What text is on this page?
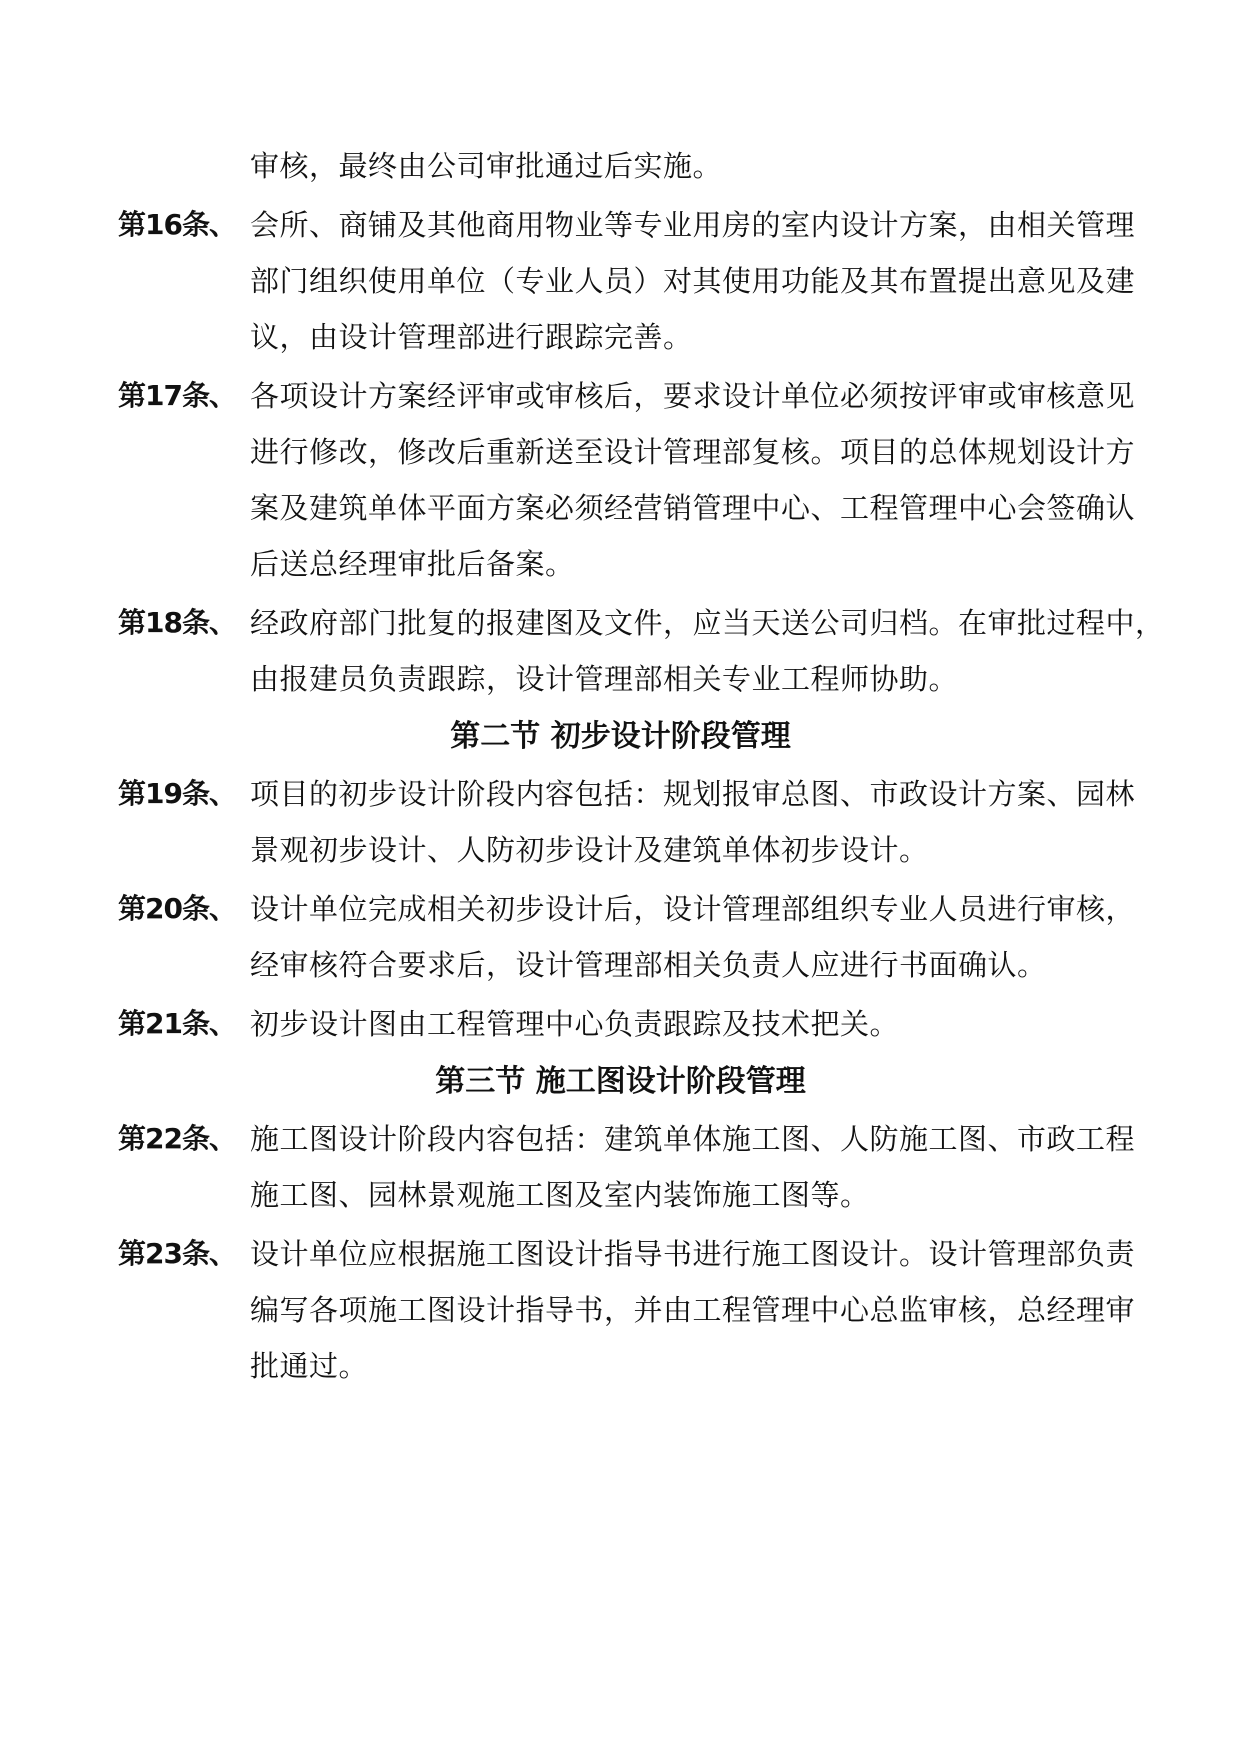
审核，最终由公司审批通过后实施。
第16条、 会所、商铺及其他商用物业等专业用房的室内设计方案，由相关管理
部门组织使用单位（专业人员）对其使用功能及其布置提出意见及建
议，由设计管理部进行跟踪完善。
第17条、 各项设计方案经评审或审核后，要求设计单位必须按评审或审核意见
进行修改，修改后重新送至设计管理部复核。项目的总体规划设计方
案及建筑单体平面方案必须经营销管理中心、工程管理中心会签确认
后送总经理审批后备案。
第18条、 经政府部门批复的报建图及文件，应当天送公司归档。在审批过程中，
由报建员负责跟踪，设计管理部相关专业工程师协助。
第二节 初步设计阶段管理
第19条、 项目的初步设计阶段内容包括：规划报审总图、市政设计方案、园林
景观初步设计、人防初步设计及建筑单体初步设计。
第20条、 设计单位完成相关初步设计后，设计管理部组织专业人员进行审核，
经审核符合要求后，设计管理部相关负责人应进行书面确认。
第21条、 初步设计图由工程管理中心负责跟踪及技术把关。
第三节 施工图设计阶段管理
第22条、 施工图设计阶段内容包括：建筑单体施工图、人防施工图、市政工程
施工图、园林景观施工图及室内装饰施工图等。
第23条、 设计单位应根据施工图设计指导书进行施工图设计。设计管理部负责
编写各项施工图设计指导书，并由工程管理中心总监审核，总经理审
批通过。
